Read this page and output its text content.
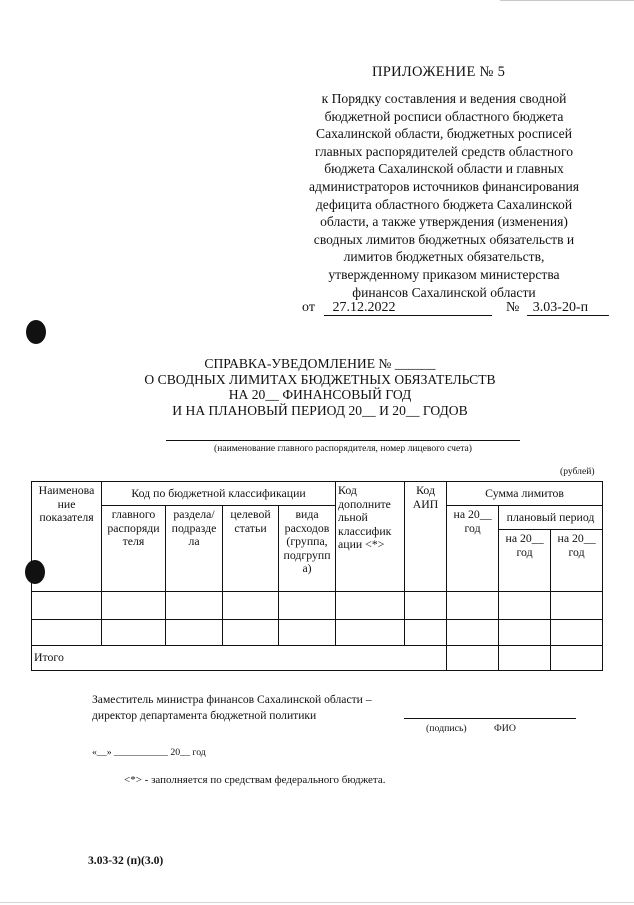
ПРИЛОЖЕНИЕ № 5
к Порядку составления и ведения сводной
бюджетной росписи областного бюджета
Сахалинской области, бюджетных росписей
главных распорядителей средств областного
бюджета Сахалинской области и главных
администраторов источников финансирования
дефицита областного бюджета Сахалинской
области, а также утверждения (изменения)
сводных лимитов бюджетных обязательств и
лимитов бюджетных обязательств,
утвержденному приказом министерства
финансов Сахалинской области
от 27.12.2022	№ 3.03-20-п
СПРАВКА-УВЕДОМЛЕНИЕ № ______
О СВОДНЫХ ЛИМИТАХ БЮДЖЕТНЫХ ОБЯЗАТЕЛЬСТВ
НА 20__ ФИНАНСОВЫЙ ГОД
И НА ПЛАНОВЫЙ ПЕРИОД 20__ И 20__ ГОДОВ
(наименование главного распорядителя, номер лицевого счета)
(рублей)
Наименова ние показателя	Код по бюджетной классификации				Код дополните льной классифик ации <*>	Код АИП	Сумма лимитов		
	главного распоряди теля	раздела/ подразде ла	целевой статьи	вида расходов (группа, подгрупп а)			на 20__ год	плановый период	
								на 20__ год	на 20__ год

Итого									
Заместитель министра финансов Сахалинской области –
директор департамента бюджетной политики
(подпись)	ФИО
«__» ___________ 20__ год
<*> - заполняется по средствам федерального бюджета.
3.03-32 (п)(3.0)
